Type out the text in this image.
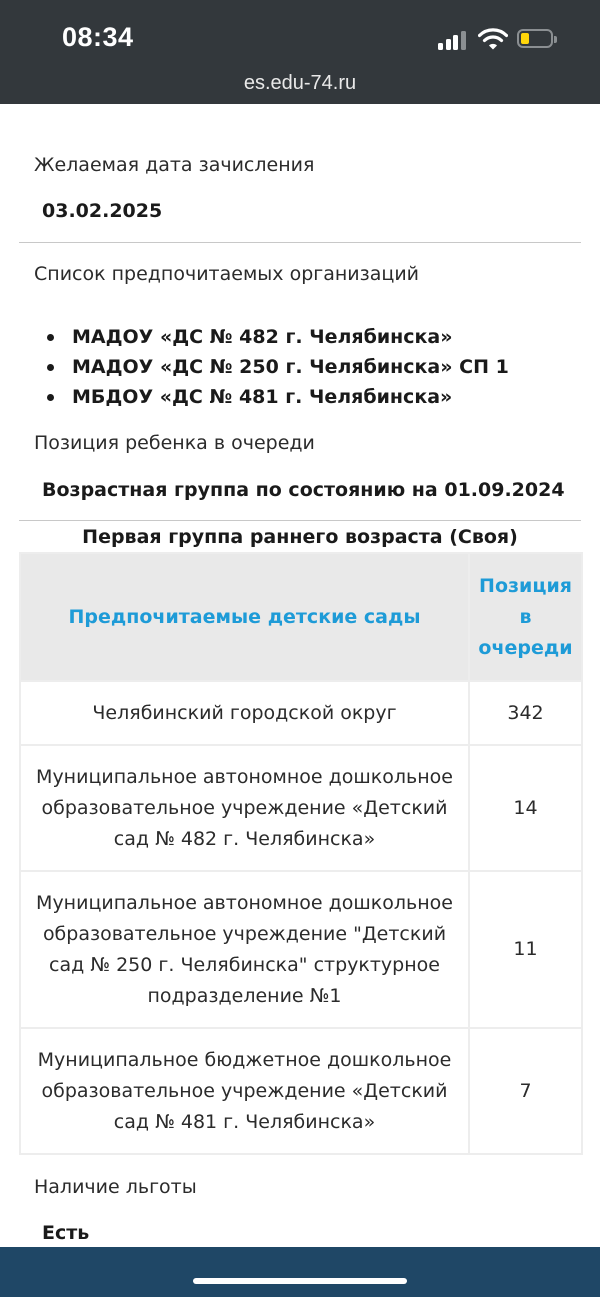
Желаемая дата зачисления
03.02.2025
Список предпочитаемых организаций
МАДОУ «ДС № 482 г. Челябинска»
МАДОУ «ДС № 250 г. Челябинска» СП 1
МБДОУ «ДС № 481 г. Челябинска»
Позиция ребенка в очереди
Возрастная группа по состоянию на 01.09.2024
Первая группа раннего возраста (Своя)
Предпочитаемые детские сады	Позиция в очереди
Челябинский городской округ	342
Муниципальное автономное дошкольное образовательное учреждение «Детский сад № 482 г. Челябинска»	14
Муниципальное автономное дошкольное образовательное учреждение "Детский сад № 250 г. Челябинска" структурное подразделение №1	11
Муниципальное бюджетное дошкольное образовательное учреждение «Детский сад № 481 г. Челябинска»	7
Наличие льготы
Есть
08:34
es.edu-74.ru
